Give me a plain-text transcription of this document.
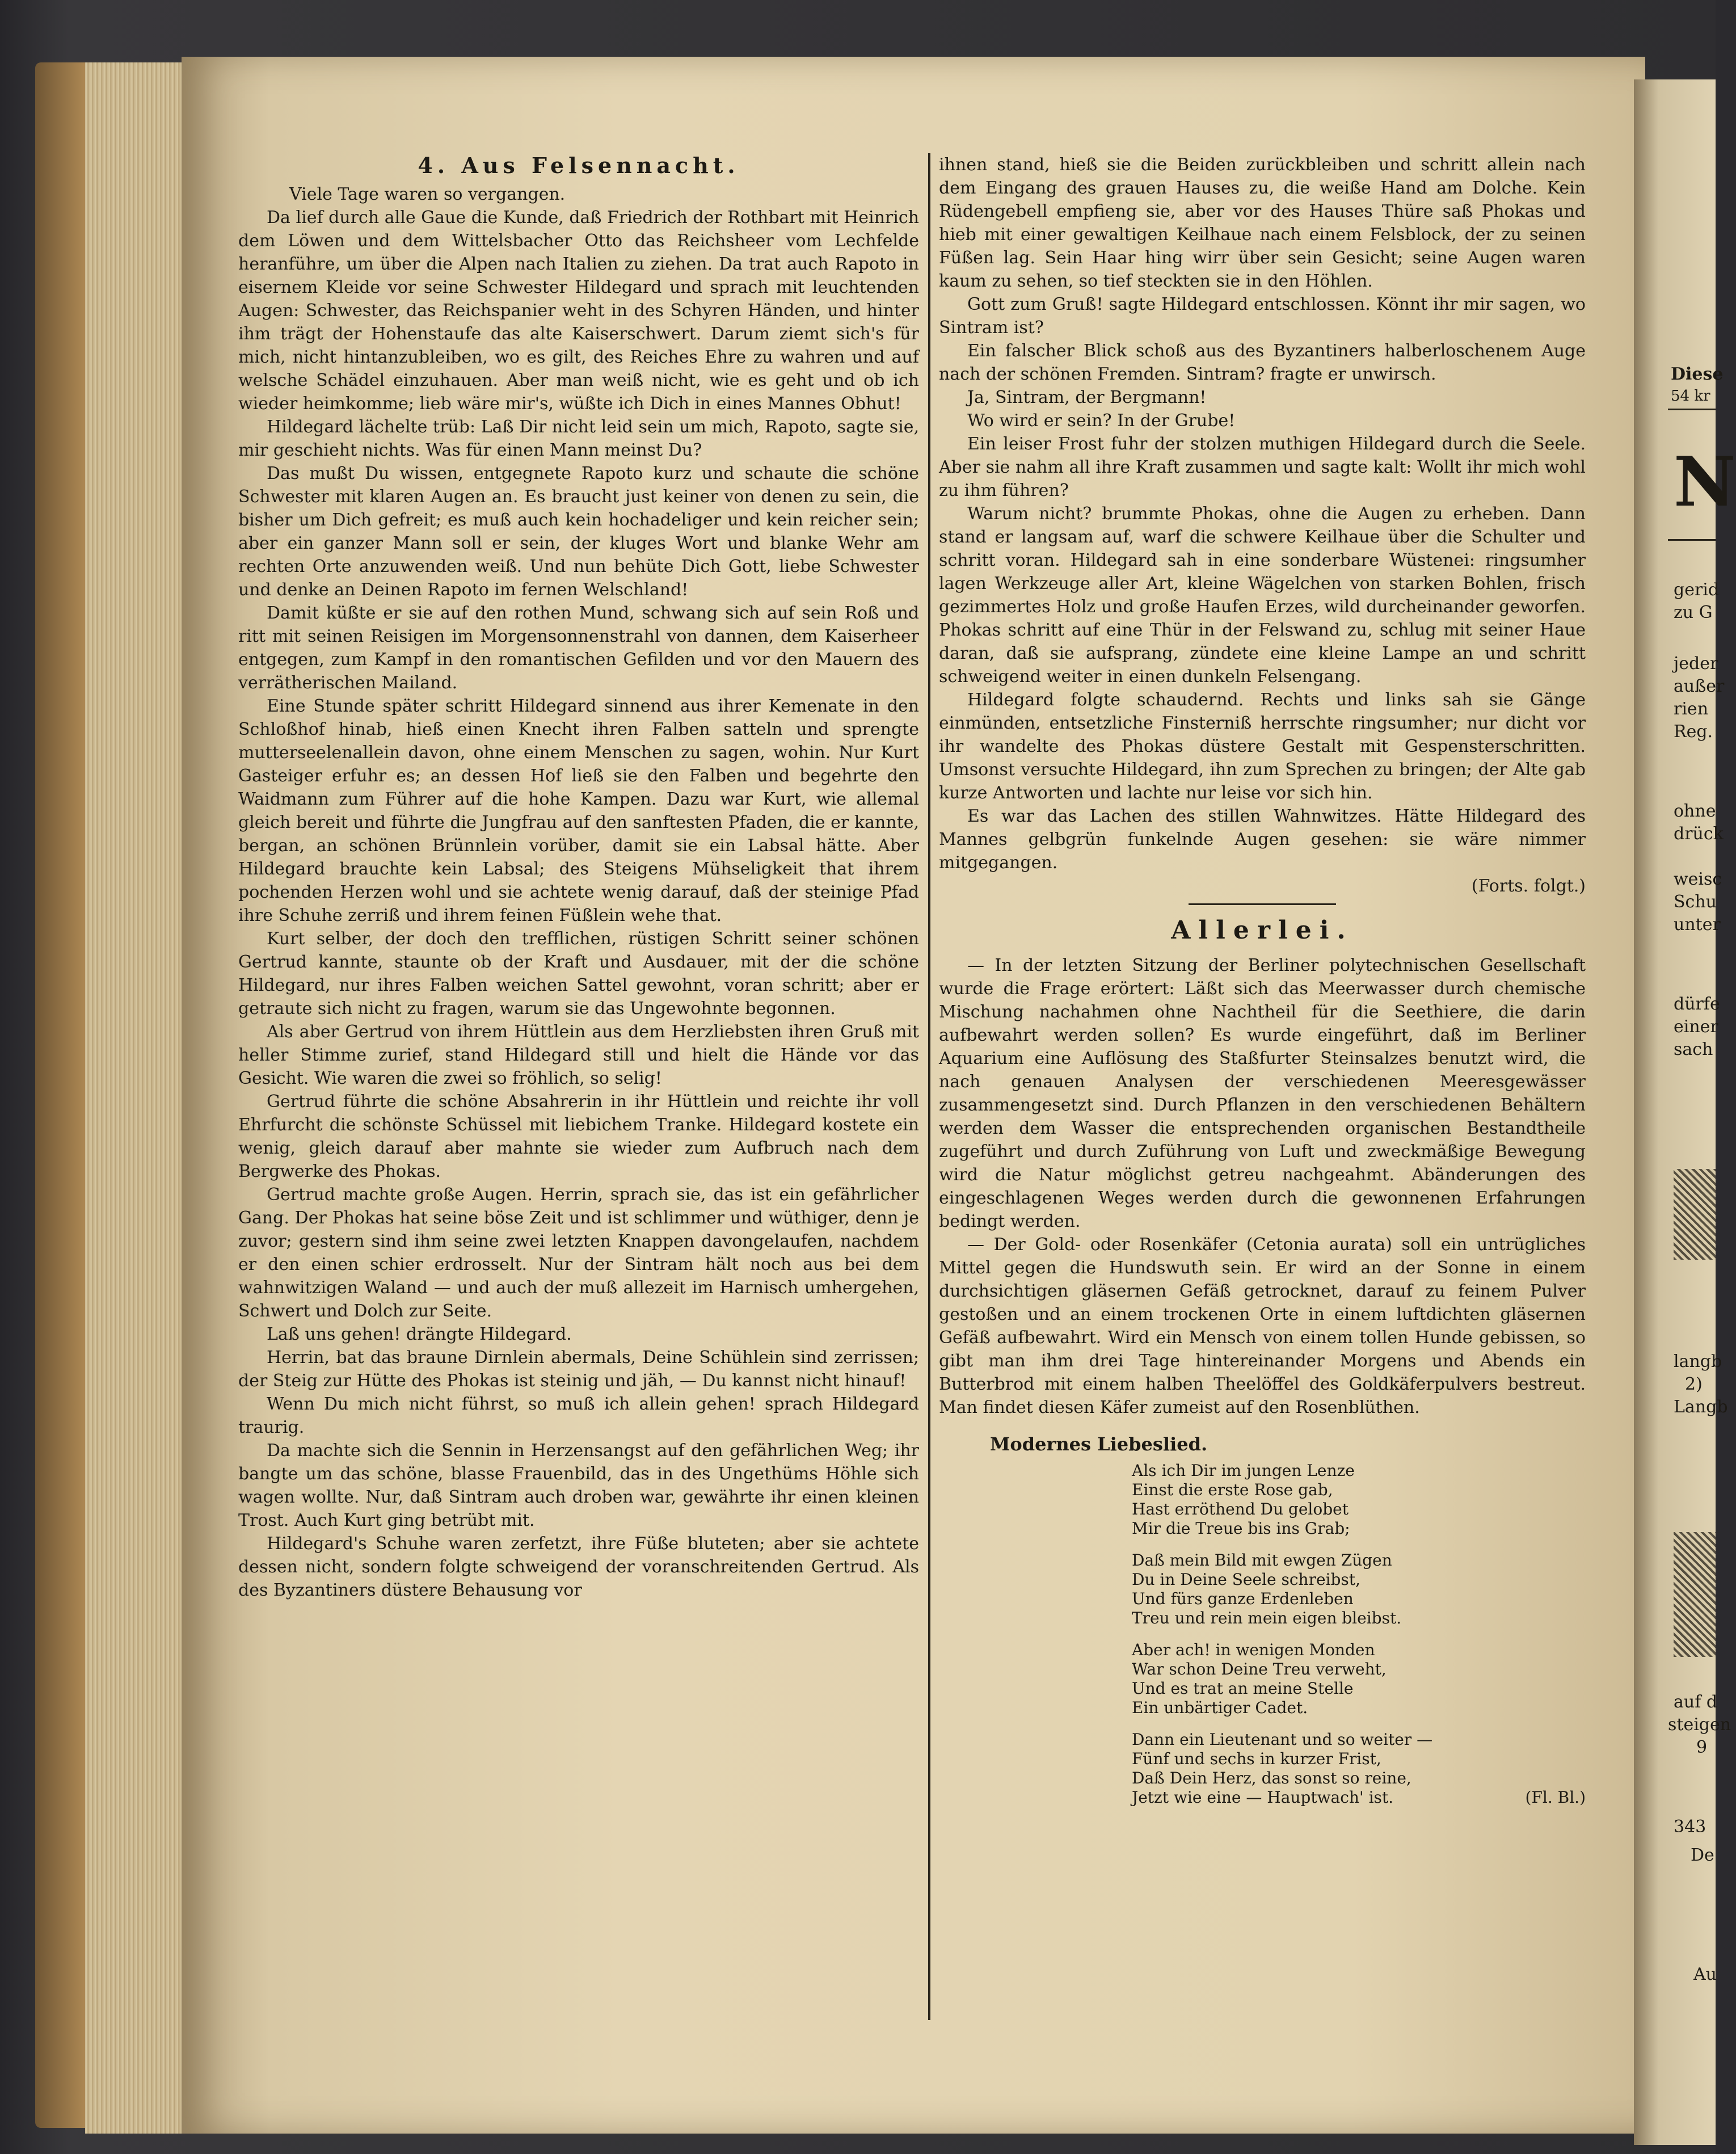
4. Aus Felsennacht.

Viele Tage waren so vergangen.

Da lief durch alle Gaue die Kunde, daß Friedrich der Rothbart mit Heinrich dem Löwen und dem Wittelsbacher Otto das Reichsheer vom Lechfelde heranführe, um über die Alpen nach Italien zu ziehen. Da trat auch Rapoto in eisernem Kleide vor seine Schwester Hildegard und sprach mit leuchtenden Augen: Schwester, das Reichspanier weht in des Schyren Händen, und hinter ihm trägt der Hohenstaufe das alte Kaiserschwert. Darum ziemt sich's für mich, nicht hintanzubleiben, wo es gilt, des Reiches Ehre zu wahren und auf welsche Schädel einzuhauen. Aber man weiß nicht, wie es geht und ob ich wieder heimkomme; lieb wäre mir's, wüßte ich Dich in eines Mannes Obhut!

Hildegard lächelte trüb: Laß Dir nicht leid sein um mich, Rapoto, sagte sie, mir geschieht nichts. Was für einen Mann meinst Du?

Das mußt Du wissen, entgegnete Rapoto kurz und schaute die schöne Schwester mit klaren Augen an. Es braucht just keiner von denen zu sein, die bisher um Dich gefreit; es muß auch kein hochadeliger und kein reicher sein; aber ein ganzer Mann soll er sein, der kluges Wort und blanke Wehr am rechten Orte anzuwenden weiß. Und nun behüte Dich Gott, liebe Schwester und denke an Deinen Rapoto im fernen Welschland!

Damit küßte er sie auf den rothen Mund, schwang sich auf sein Roß und ritt mit seinen Reisigen im Morgensonnenstrahl von dannen, dem Kaiserheer entgegen, zum Kampf in den romantischen Gefilden und vor den Mauern des verrätherischen Mailand.

Eine Stunde später schritt Hildegard sinnend aus ihrer Kemenate in den Schloßhof hinab, hieß einen Knecht ihren Falben satteln und sprengte mutterseelenallein davon, ohne einem Menschen zu sagen, wohin. Nur Kurt Gasteiger erfuhr es; an dessen Hof ließ sie den Falben und begehrte den Waidmann zum Führer auf die hohe Kampen. Dazu war Kurt, wie allemal gleich bereit und führte die Jungfrau auf den sanftesten Pfaden, die er kannte, bergan, an schönen Brünnlein vorüber, damit sie ein Labsal hätte. Aber Hildegard brauchte kein Labsal; des Steigens Mühseligkeit that ihrem pochenden Herzen wohl und sie achtete wenig darauf, daß der steinige Pfad ihre Schuhe zerriß und ihrem feinen Füßlein wehe that.

Kurt selber, der doch den trefflichen, rüstigen Schritt seiner schönen Gertrud kannte, staunte ob der Kraft und Ausdauer, mit der die schöne Hildegard, nur ihres Falben weichen Sattel gewohnt, voran schritt; aber er getraute sich nicht zu fragen, warum sie das Ungewohnte begonnen.

Als aber Gertrud von ihrem Hüttlein aus dem Herzliebsten ihren Gruß mit heller Stimme zurief, stand Hildegard still und hielt die Hände vor das Gesicht. Wie waren die zwei so fröhlich, so selig!

Gertrud führte die schöne Absahrerin in ihr Hüttlein und reichte ihr voll Ehrfurcht die schönste Schüssel mit liebichem Tranke. Hildegard kostete ein wenig, gleich darauf aber mahnte sie wieder zum Aufbruch nach dem Bergwerke des Phokas.

Gertrud machte große Augen. Herrin, sprach sie, das ist ein gefährlicher Gang. Der Phokas hat seine böse Zeit und ist schlimmer und wüthiger, denn je zuvor; gestern sind ihm seine zwei letzten Knappen davongelaufen, nachdem er den einen schier erdrosselt. Nur der Sintram hält noch aus bei dem wahnwitzigen Waland — und auch der muß allezeit im Harnisch umhergehen, Schwert und Dolch zur Seite.

Laß uns gehen! drängte Hildegard.

Herrin, bat das braune Dirnlein abermals, Deine Schühlein sind zerrissen; der Steig zur Hütte des Phokas ist steinig und jäh, — Du kannst nicht hinauf!

Wenn Du mich nicht führst, so muß ich allein gehen! sprach Hildegard traurig.

Da machte sich die Sennin in Herzensangst auf den gefährlichen Weg; ihr bangte um das schöne, blasse Frauenbild, das in des Ungethüms Höhle sich wagen wollte. Nur, daß Sintram auch droben war, gewährte ihr einen kleinen Trost. Auch Kurt ging betrübt mit.

Hildegard's Schuhe waren zerfetzt, ihre Füße bluteten; aber sie achtete dessen nicht, sondern folgte schweigend der voranschreitenden Gertrud. Als des Byzantiners düstere Behausung vor

ihnen stand, hieß sie die Beiden zurückbleiben und schritt allein nach dem Eingang des grauen Hauses zu, die weiße Hand am Dolche. Kein Rüdengebell empfieng sie, aber vor des Hauses Thüre saß Phokas und hieb mit einer gewaltigen Keilhaue nach einem Felsblock, der zu seinen Füßen lag. Sein Haar hing wirr über sein Gesicht; seine Augen waren kaum zu sehen, so tief steckten sie in den Höhlen.

Gott zum Gruß! sagte Hildegard entschlossen. Könnt ihr mir sagen, wo Sintram ist?

Ein falscher Blick schoß aus des Byzantiners halberloschenem Auge nach der schönen Fremden. Sintram? fragte er unwirsch.

Ja, Sintram, der Bergmann!

Wo wird er sein? In der Grube!

Ein leiser Frost fuhr der stolzen muthigen Hildegard durch die Seele. Aber sie nahm all ihre Kraft zusammen und sagte kalt: Wollt ihr mich wohl zu ihm führen?

Warum nicht? brummte Phokas, ohne die Augen zu erheben. Dann stand er langsam auf, warf die schwere Keilhaue über die Schulter und schritt voran. Hildegard sah in eine sonderbare Wüstenei: ringsumher lagen Werkzeuge aller Art, kleine Wägelchen von starken Bohlen, frisch gezimmertes Holz und große Haufen Erzes, wild durcheinander geworfen. Phokas schritt auf eine Thür in der Felswand zu, schlug mit seiner Haue daran, daß sie aufsprang, zündete eine kleine Lampe an und schritt schweigend weiter in einen dunkeln Felsengang.

Hildegard folgte schaudernd. Rechts und links sah sie Gänge einmünden, entsetzliche Finsterniß herrschte ringsumher; nur dicht vor ihr wandelte des Phokas düstere Gestalt mit Gespensterschritten. Umsonst versuchte Hildegard, ihn zum Sprechen zu bringen; der Alte gab kurze Antworten und lachte nur leise vor sich hin.

Es war das Lachen des stillen Wahnwitzes. Hätte Hildegard des Mannes gelbgrün funkelnde Augen gesehen: sie wäre nimmer mitgegangen.

(Forts. folgt.)

Allerlei.

— In der letzten Sitzung der Berliner polytechnischen Gesellschaft wurde die Frage erörtert: Läßt sich das Meerwasser durch chemische Mischung nachahmen ohne Nachtheil für die Seethiere, die darin aufbewahrt werden sollen? Es wurde eingeführt, daß im Berliner Aquarium eine Auflösung des Staßfurter Steinsalzes benutzt wird, die nach genauen Analysen der verschiedenen Meeresgewässer zusammengesetzt sind. Durch Pflanzen in den verschiedenen Behältern werden dem Wasser die entsprechenden organischen Bestandtheile zugeführt und durch Zuführung von Luft und zweckmäßige Bewegung wird die Natur möglichst getreu nachgeahmt. Abänderungen des eingeschlagenen Weges werden durch die gewonnenen Erfahrungen bedingt werden.

— Der Gold- oder Rosenkäfer (Cetonia aurata) soll ein untrügliches Mittel gegen die Hundswuth sein. Er wird an der Sonne in einem durchsichtigen gläsernen Gefäß getrocknet, darauf zu feinem Pulver gestoßen und an einem trockenen Orte in einem luftdichten gläsernen Gefäß aufbewahrt. Wird ein Mensch von einem tollen Hunde gebissen, so gibt man ihm drei Tage hintereinander Morgens und Abends ein Butterbrod mit einem halben Theelöffel des Goldkäferpulvers bestreut. Man findet diesen Käfer zumeist auf den Rosenblüthen.

Modernes Liebeslied.
Als ich Dir im jungen Lenze
Einst die erste Rose gab,
Hast erröthend Du gelobet
Mir die Treue bis ins Grab;
Daß mein Bild mit ewgen Zügen
Du in Deine Seele schreibst,
Und fürs ganze Erdenleben
Treu und rein mein eigen bleibst.
Aber ach! in wenigen Monden
War schon Deine Treu verweht,
Und es trat an meine Stelle
Ein unbärtiger Cadet.
Dann ein Lieutenant und so weiter —
Fünf und sechs in kurzer Frist,
Daß Dein Herz, das sonst so reine,
Jetzt wie eine — Hauptwach' ist.	(Fl. Bl.)
Diese
54 kr
N
gerid
zu G
jeder
außer
rien
Reg.
ohne
drück
weisc
Schu
unter
dürfe
einer
sach
langb
2)
Langb
auf d
steigen
9
343
De
Au
